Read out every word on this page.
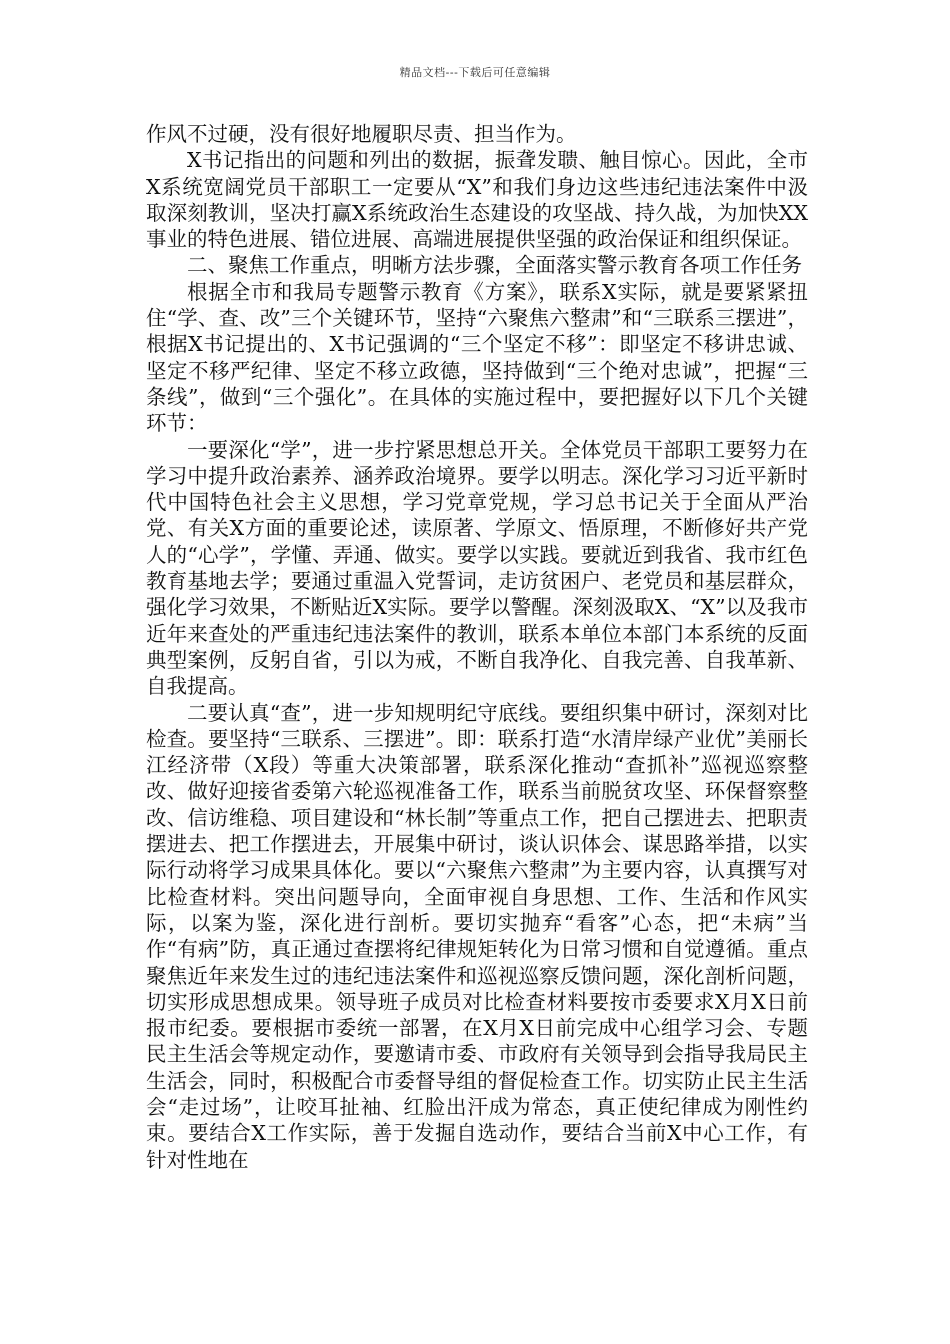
精品文档---下载后可任意编辑

作风不过硬，没有很好地履职尽责、担当作为。

X书记指出的问题和列出的数据，振聋发聩、触目惊心。因此，全市X系统宽阔党员干部职工一定要从“X”和我们身边这些违纪违法案件中汲取深刻教训，坚决打赢X系统政治生态建设的攻坚战、持久战，为加快XX事业的特色进展、错位进展、高端进展提供坚强的政治保证和组织保证。

二、聚焦工作重点，明晰方法步骤，全面落实警示教育各项工作任务

根据全市和我局专题警示教育《方案》，联系X实际，就是要紧紧扭住“学、查、改”三个关键环节，坚持“六聚焦六整肃”和“三联系三摆进”，根据X书记提出的、X书记强调的“三个坚定不移”：即坚定不移讲忠诚、坚定不移严纪律、坚定不移立政德，坚持做到“三个绝对忠诚”，把握“三条线”，做到“三个强化”。在具体的实施过程中，要把握好以下几个关键环节：

一要深化“学”，进一步拧紧思想总开关。全体党员干部职工要努力在学习中提升政治素养、涵养政治境界。要学以明志。深化学习习近平新时代中国特色社会主义思想，学习党章党规，学习总书记关于全面从严治党、有关X方面的重要论述，读原著、学原文、悟原理，不断修好共产党人的“心学”，学懂、弄通、做实。要学以实践。要就近到我省、我市红色教育基地去学；要通过重温入党誓词，走访贫困户、老党员和基层群众，强化学习效果，不断贴近X实际。要学以警醒。深刻汲取X、“X”以及我市近年来查处的严重违纪违法案件的教训，联系本单位本部门本系统的反面典型案例，反躬自省，引以为戒，不断自我净化、自我完善、自我革新、自我提高。

二要认真“查”，进一步知规明纪守底线。要组织集中研讨，深刻对比检查。要坚持“三联系、三摆进”。即：联系打造“水清岸绿产业优”美丽长江经济带（X段）等重大决策部署，联系深化推动“查抓补”巡视巡察整改、做好迎接省委第六轮巡视准备工作，联系当前脱贫攻坚、环保督察整改、信访维稳、项目建设和“林长制”等重点工作，把自己摆进去、把职责摆进去、把工作摆进去，开展集中研讨，谈认识体会、谋思路举措，以实际行动将学习成果具体化。要以“六聚焦六整肃”为主要内容，认真撰写对比检查材料。突出问题导向，全面审视自身思想、工作、生活和作风实际，以案为鉴，深化进行剖析。要切实抛弃“看客”心态，把“未病”当作“有病”防，真正通过查摆将纪律规矩转化为日常习惯和自觉遵循。重点聚焦近年来发生过的违纪违法案件和巡视巡察反馈问题，深化剖析问题，切实形成思想成果。领导班子成员对比检查材料要按市委要求X月X日前报市纪委。要根据市委统一部署，在X月X日前完成中心组学习会、专题民主生活会等规定动作，要邀请市委、市政府有关领导到会指导我局民主生活会，同时，积极配合市委督导组的督促检查工作。切实防止民主生活会“走过场”，让咬耳扯袖、红脸出汗成为常态，真正使纪律成为刚性约束。要结合X工作实际，善于发掘自选动作，要结合当前X中心工作，有针对性地在
